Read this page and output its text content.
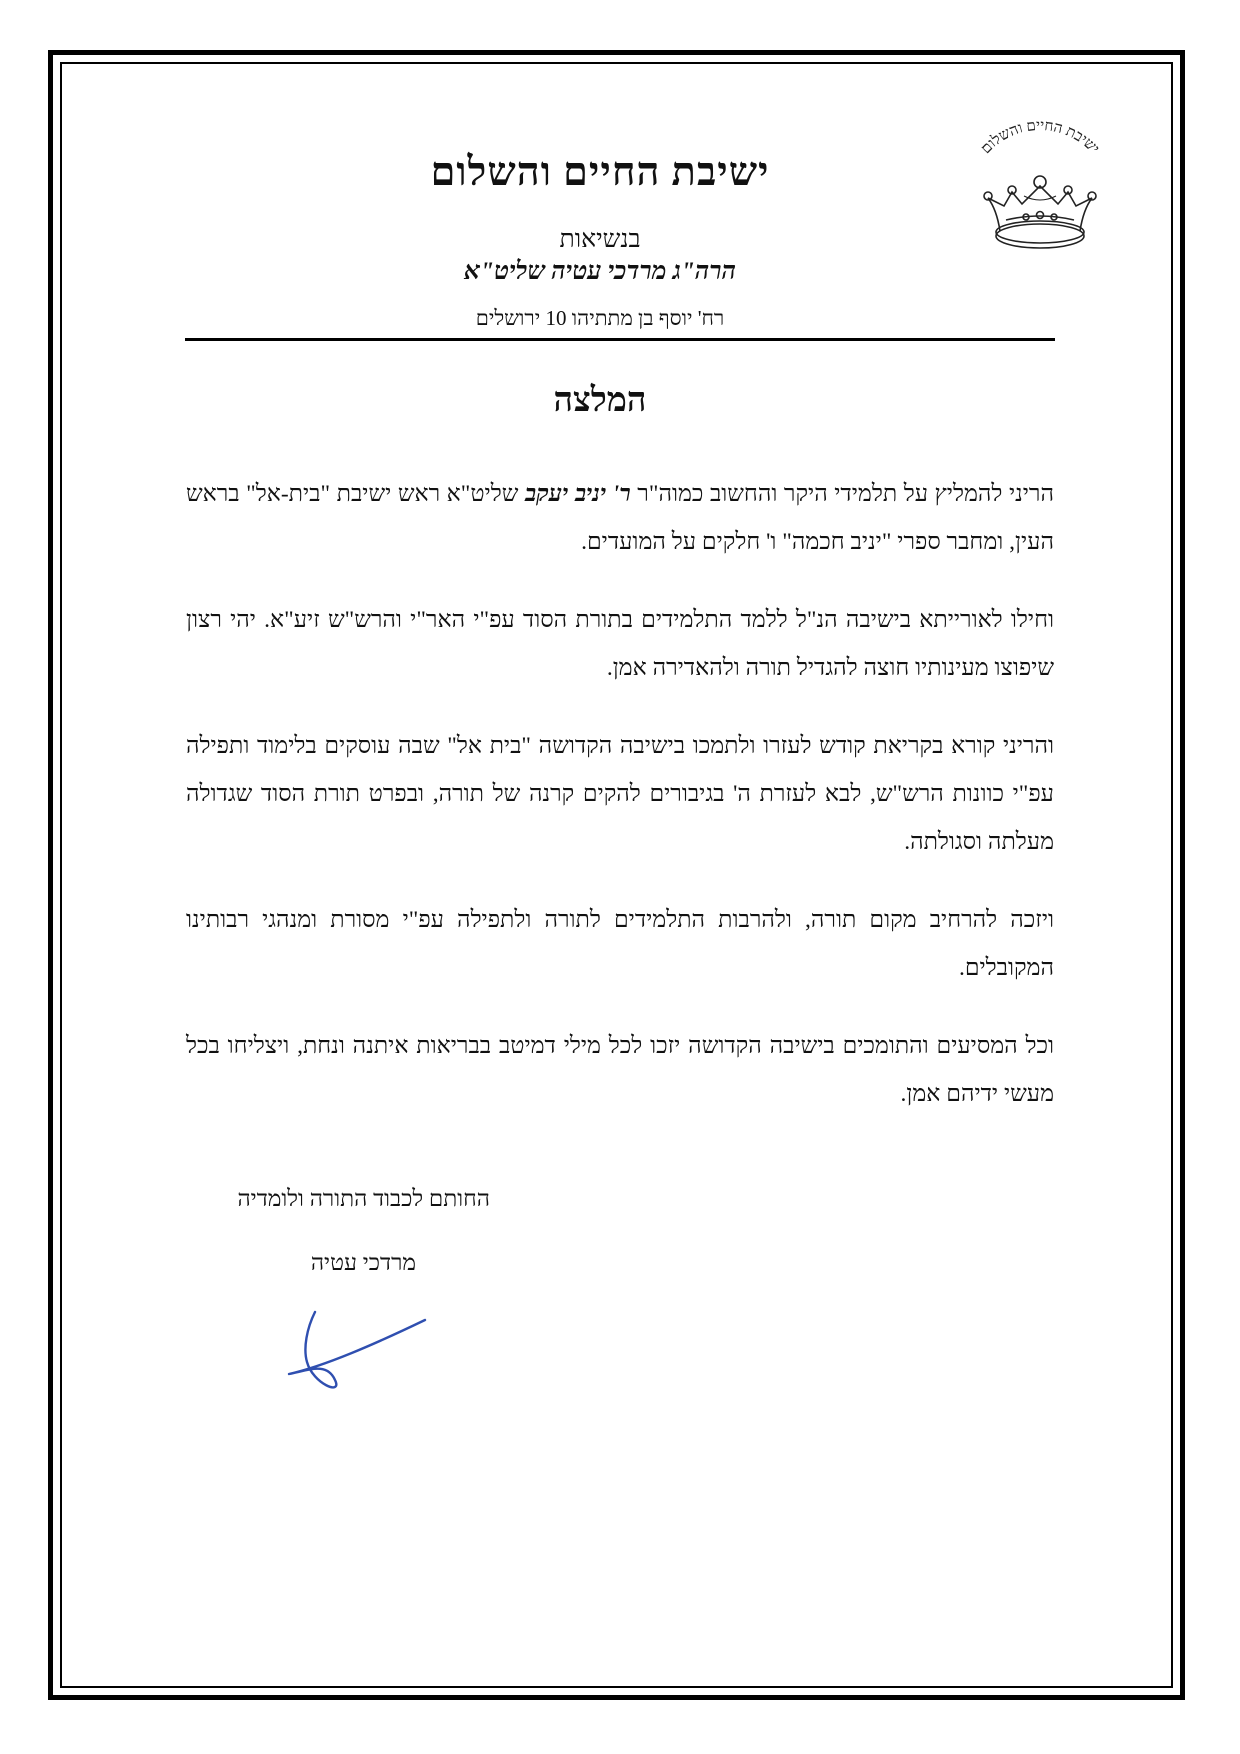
ישיבת החיים והשלום
ישיבת החיים והשלום
בנשיאות
הרה"ג מרדכי עטיה שליט"א
רח' יוסף בן מתתיהו 10 ירושלים
המלצה

הריני להמליץ על תלמידי היקר והחשוב כמוה"ר ר' יניב יעקב שליט"א ראש ישיבת "בית-אל" בראש העין, ומחבר ספרי "יניב חכמה" ו' חלקים על המועדים.

וחילו לאורייתא בישיבה הנ"ל ללמד התלמידים בתורת הסוד עפ"י האר"י והרש"ש זיע"א. יהי רצון שיפוצו מעינותיו חוצה להגדיל תורה ולהאדירה אמן.

והריני קורא בקריאת קודש לעזרו ולתמכו בישיבה הקדושה "בית אל" שבה עוסקים בלימוד ותפילה עפ"י כוונות הרש"ש, לבא לעזרת ה' בגיבורים להקים קרנה של תורה, ובפרט תורת הסוד שגדולה מעלתה וסגולתה.

ויזכה להרחיב מקום תורה, ולהרבות התלמידים לתורה ולתפילה עפ"י מסורת ומנהגי רבותינו המקובלים.

וכל המסיעים והתומכים בישיבה הקדושה יזכו לכל מילי דמיטב בבריאות איתנה ונחת, ויצליחו בכל מעשי ידיהם אמן.

החותם לכבוד התורה ולומדיה
מרדכי עטיה
